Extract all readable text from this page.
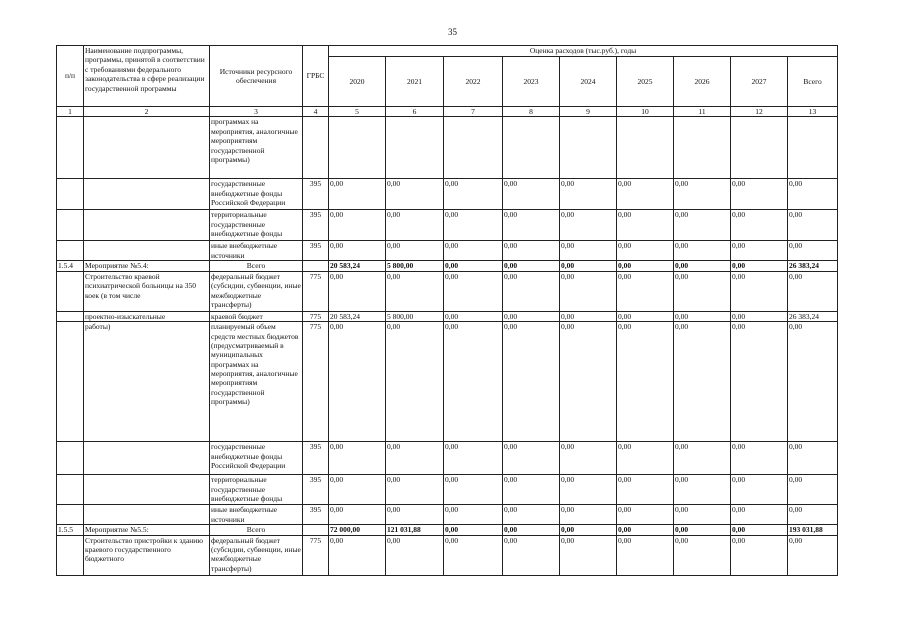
35
п/п	Наименование подпрограммы, программы, принятой в соответствии с требованиями федерального законодательства в сфере реализации государственной программы	Источники ресурсного обеспечения	ГРБС	Оценка расходов (тыс.руб.), годы								
				2020	2021	2022	2023	2024	2025	2026	2027	Всего
1	2	3	4	5	6	7	8	9	10	11	12	13
		программах на мероприятия, аналогичные мероприятиям государственной программы)										
		государственные внебюджетные фонды Российской Федерации	395	0,00	0,00	0,00	0,00	0,00	0,00	0,00	0,00	0,00
		территориальные государственные внебюджетные фонды	395	0,00	0,00	0,00	0,00	0,00	0,00	0,00	0,00	0,00
		иные внебюджетные источники	395	0,00	0,00	0,00	0,00	0,00	0,00	0,00	0,00	0,00
1.5.4	Мероприятие №5.4:	Всего		20 583,24	5 800,00	0,00	0,00	0,00	0,00	0,00	0,00	26 383,24
	Строительство краевой психиатрической больницы на 350 коек (в том числе	федеральный бюджет (субсидии, субвенции, иные межбюджетные трансферты)	775	0,00	0,00	0,00	0,00	0,00	0,00	0,00	0,00	0,00
	проектно-изыскательные	краевой бюджет	775	20 583,24	5 800,00	0,00	0,00	0,00	0,00	0,00	0,00	26 383,24
	работы)	планируемый объем средств местных бюджетов (предусматриваемый в муниципальных программах на мероприятия, аналогичные мероприятиям государственной программы)	775	0,00	0,00	0,00	0,00	0,00	0,00	0,00	0,00	0,00
		государственные внебюджетные фонды Российской Федерации	395	0,00	0,00	0,00	0,00	0,00	0,00	0,00	0,00	0,00
		территориальные государственные внебюджетные фонды	395	0,00	0,00	0,00	0,00	0,00	0,00	0,00	0,00	0,00
		иные внебюджетные источники	395	0,00	0,00	0,00	0,00	0,00	0,00	0,00	0,00	0,00
1.5.5	Мероприятие №5.5:	Всего		72 000,00	121 031,88	0,00	0,00	0,00	0,00	0,00	0,00	193 031,88
	Строительство пристройки к зданию краевого государственного бюджетного	федеральный бюджет (субсидии, субвенции, иные межбюджетные трансферты)	775	0,00	0,00	0,00	0,00	0,00	0,00	0,00	0,00	0,00
